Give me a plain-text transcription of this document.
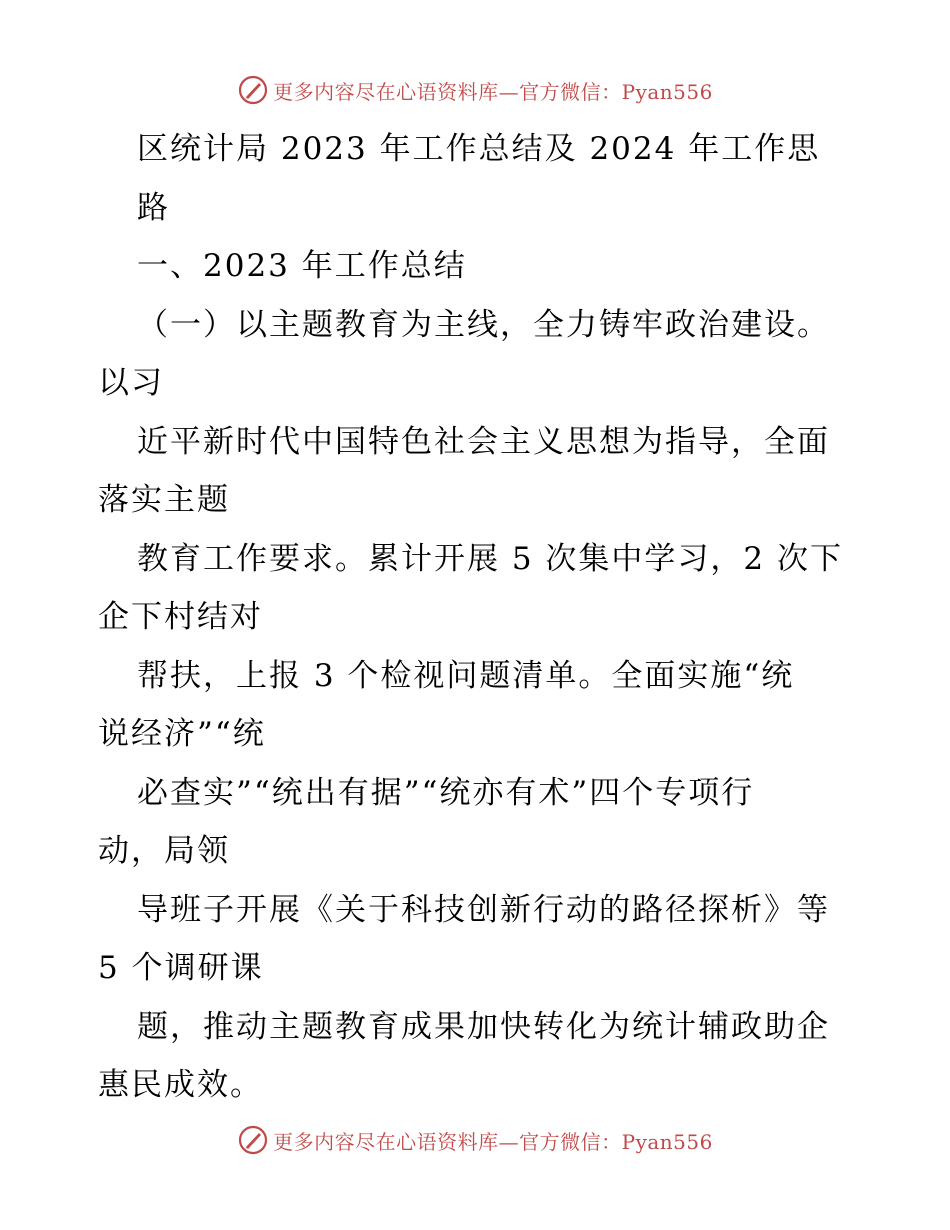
更多内容尽在心语资料库—官方微信：Pyan556
区统计局 2023 年工作总结及 2024 年工作思
路
一、2023 年工作总结
（一）以主题教育为主线，全力铸牢政治建设。
以习
近平新时代中国特色社会主义思想为指导，全面
落实主题
教育工作要求。累计开展 5 次集中学习，2 次下
企下村结对
帮扶，上报 3 个检视问题清单。全面实施“统
说经济”“统
必查实”“统出有据”“统亦有术”四个专项行
动，局领
导班子开展《关于科技创新行动的路径探析》等
5 个调研课
题，推动主题教育成果加快转化为统计辅政助企
惠民成效。
更多内容尽在心语资料库—官方微信：Pyan556
